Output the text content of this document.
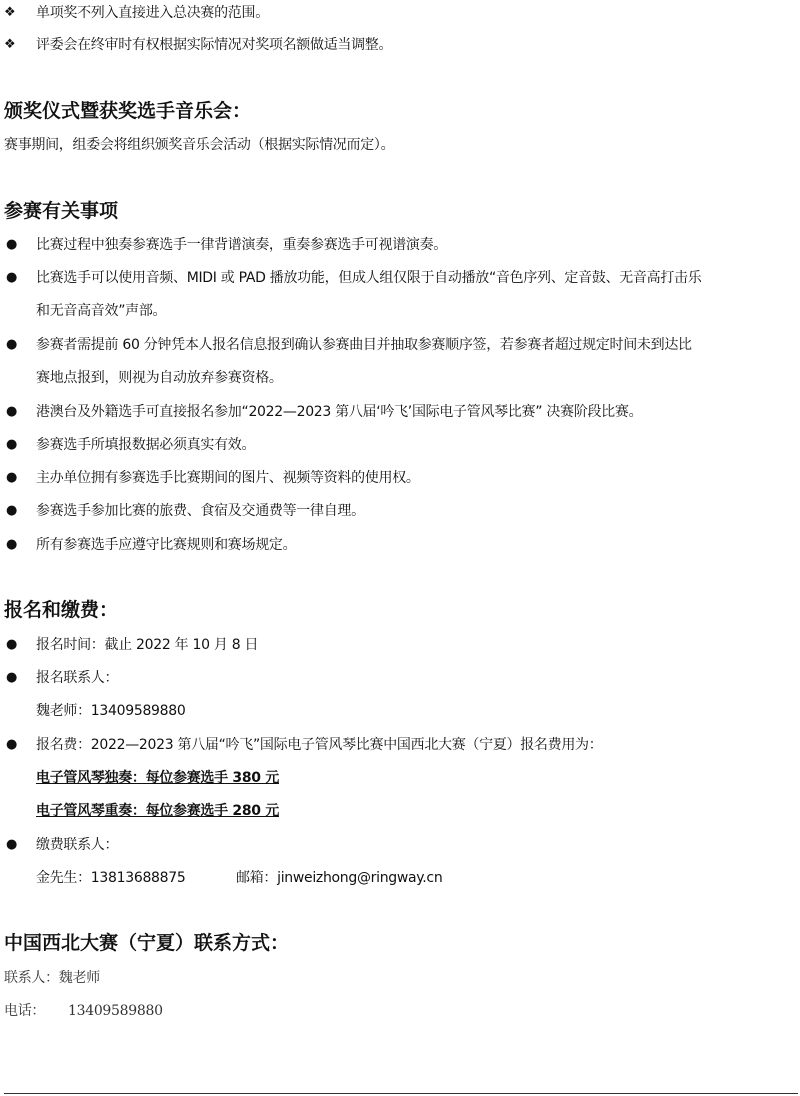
❖ 单项奖不列入直接进入总决赛的范围。
❖ 评委会在终审时有权根据实际情况对奖项名额做适当调整。
颁奖仪式暨获奖选手音乐会：
赛事期间，组委会将组织颁奖音乐会活动（根据实际情况而定）。
参赛有关事项
● 比赛过程中独奏参赛选手一律背谱演奏，重奏参赛选手可视谱演奏。
● 比赛选手可以使用音频、MIDI 或 PAD 播放功能，但成人组仅限于自动播放“音色序列、定音鼓、无音高打击乐
和无音高音效”声部。
● 参赛者需提前 60 分钟凭本人报名信息报到确认参赛曲目并抽取参赛顺序签，若参赛者超过规定时间未到达比
赛地点报到，则视为自动放弃参赛资格。
● 港澳台及外籍选手可直接报名参加“2022—2023 第八届‘吟飞’国际电子管风琴比赛” 决赛阶段比赛。
● 参赛选手所填报数据必须真实有效。
● 主办单位拥有参赛选手比赛期间的图片、视频等资料的使用权。
● 参赛选手参加比赛的旅费、食宿及交通费等一律自理。
● 所有参赛选手应遵守比赛规则和赛场规定。
报名和缴费：
● 报名时间：截止 2022 年 10 月 8 日
● 报名联系人：
魏老师：13409589880
● 报名费：2022—2023 第八届“吟飞”国际电子管风琴比赛中国西北大赛（宁夏）报名费用为：
电子管风琴独奏：每位参赛选手 380 元
电子管风琴重奏：每位参赛选手 280 元
● 缴费联系人：
金先生：13813688875	邮箱：jinweizhong@ringway.cn
中国西北大赛（宁夏）联系方式：
联系人：魏老师
电话： 13409589880
